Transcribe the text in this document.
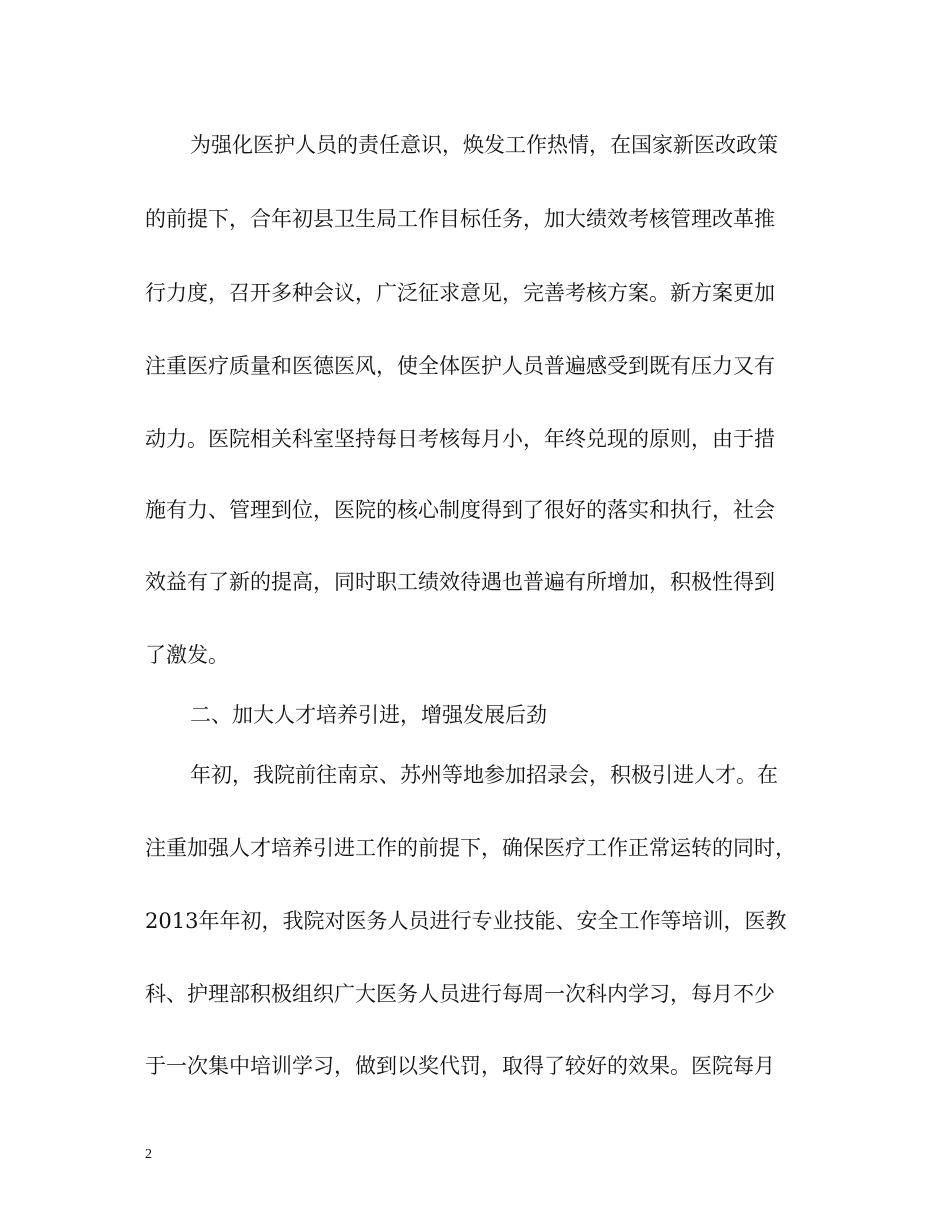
为强化医护人员的责任意识，焕发工作热情，在国家新医改政策
的前提下，合年初县卫生局工作目标任务，加大绩效考核管理改革推
行力度，召开多种会议，广泛征求意见，完善考核方案。新方案更加
注重医疗质量和医德医风，使全体医护人员普遍感受到既有压力又有
动力。医院相关科室坚持每日考核每月小，年终兑现的原则，由于措
施有力、管理到位，医院的核心制度得到了很好的落实和执行，社会
效益有了新的提高，同时职工绩效待遇也普遍有所增加，积极性得到
了激发。
二、加大人才培养引进，增强发展后劲
年初，我院前往南京、苏州等地参加招录会，积极引进人才。在
注重加强人才培养引进工作的前提下，确保医疗工作正常运转的同时，
2013年年初，我院对医务人员进行专业技能、安全工作等培训，医教
科、护理部积极组织广大医务人员进行每周一次科内学习，每月不少
于一次集中培训学习，做到以奖代罚，取得了较好的效果。医院每月
2
